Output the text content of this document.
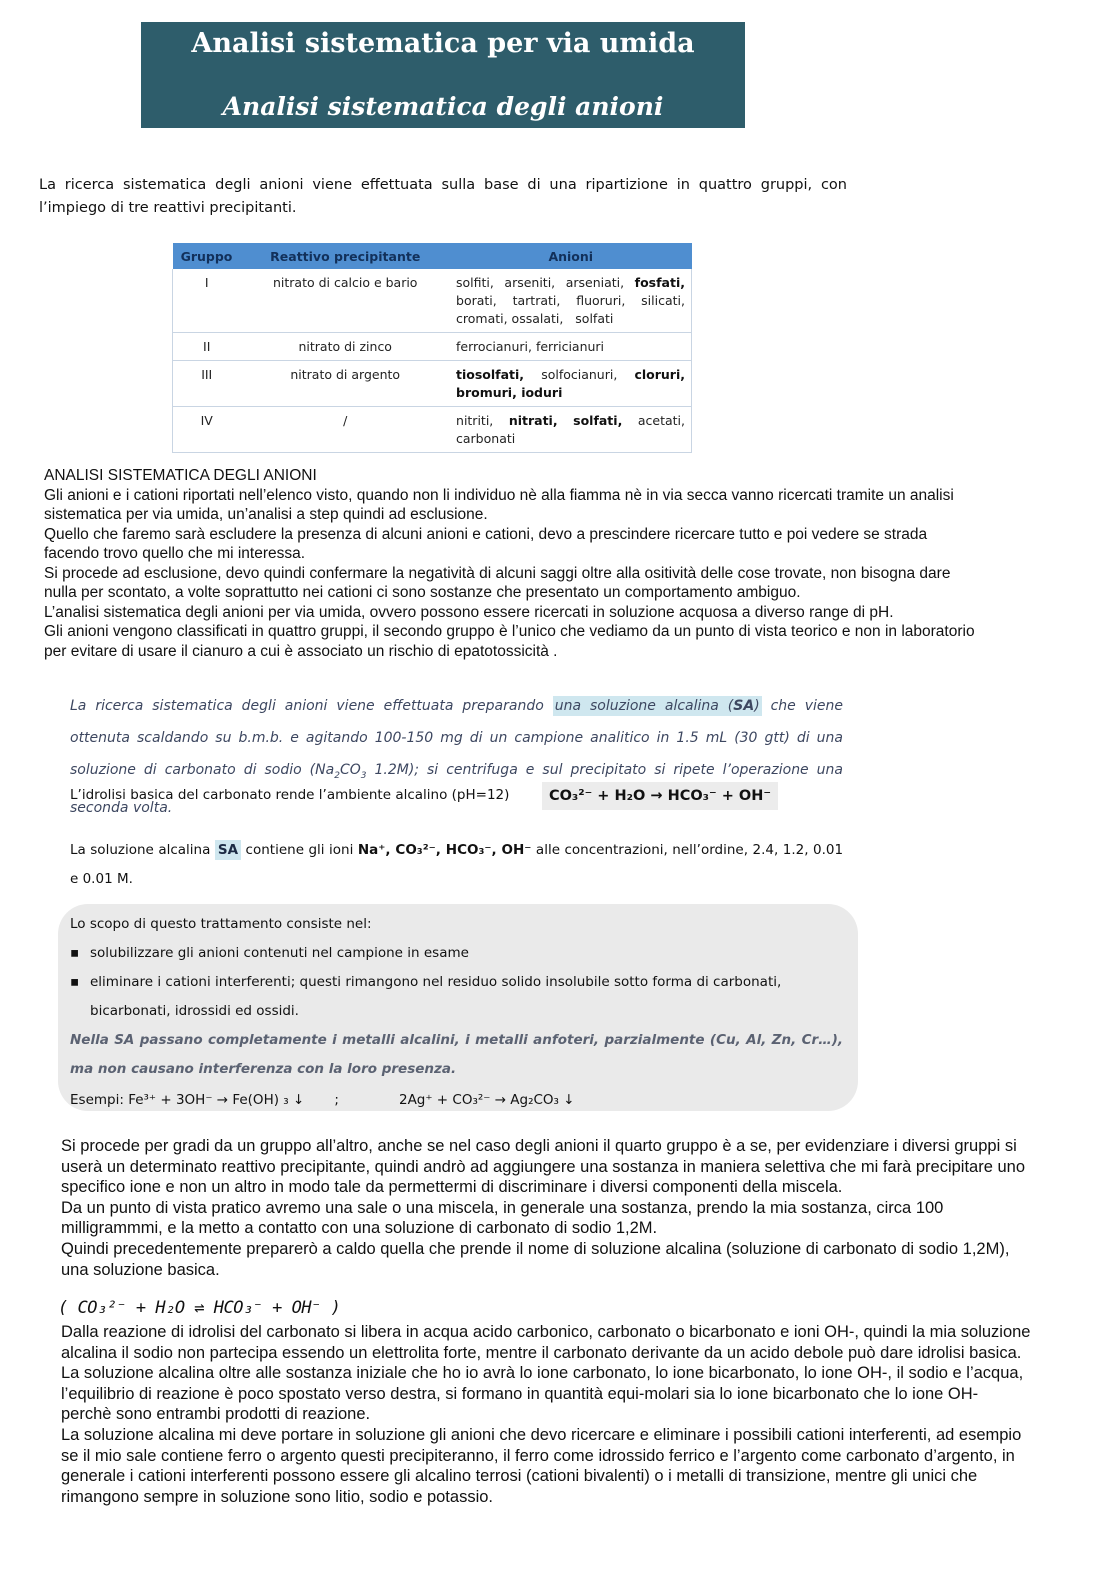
Analisi sistematica per via umida
Analisi sistematica degli anioni

La ricerca sistematica degli anioni viene effettuata sulla base di una ripartizione in quattro gruppi, con l’impiego di tre reattivi precipitanti.

Gruppo	Reattivo precipitante	Anioni
I	nitrato di calcio e bario	solfiti, arseniti, arseniati, fosfati,
borati, tartrati, fluoruri, silicati,
cromati, ossalati, solfati

II	nitrato di zinco	ferrocianuri, ferricianuri

III	nitrato di argento	tiosolfati, solfocianuri, cloruri,
bromuri, ioduri

IV	/	nitriti, nitrati, solfati, acetati,
carbonati

ANALISI SISTEMATICA DEGLI ANIONI

Gli anioni e i cationi riportati nell’elenco visto, quando non li individuo nè alla fiamma nè in via secca vanno ricercati tramite un analisi sistematica per via umida, un’analisi a step quindi ad esclusione.

Quello che faremo sarà escludere la presenza di alcuni anioni e cationi, devo a prescindere ricercare tutto e poi vedere se strada facendo trovo quello che mi interessa.

Si procede ad esclusione, devo quindi confermare la negatività di alcuni saggi oltre alla ositività delle cose trovate, non bisogna dare nulla per scontato, a volte soprattutto nei cationi ci sono sostanze che presentato un comportamento ambiguo.

L’analisi sistematica degli anioni per via umida, ovvero possono essere ricercati in soluzione acquosa a diverso range di pH.

Gli anioni vengono classificati in quattro gruppi, il secondo gruppo è l’unico che vediamo da un punto di vista teorico e non in laboratorio per evitare di usare il cianuro a cui è associato un rischio di epatotossicità .

La ricerca sistematica degli anioni viene effettuata preparando una soluzione alcalina (SA) che viene ottenuta scaldando su b.m.b. e agitando 100-150 mg di un campione analitico in 1.5 mL (30 gtt) di una soluzione di carbonato di sodio ($Na_2CO_3$ 1.2M); si centrifuga e sul precipitato si ripete l’operazione una seconda volta.

L’idrolisi basica del carbonato rende l’ambiente alcalino (pH=12)	CO₃²⁻ + H₂O → HCO₃⁻ + OH⁻

La soluzione alcalina SA contiene gli ioni Na⁺, CO₃²⁻, HCO₃⁻, OH⁻ alle concentrazioni, nell’ordine, 2.4, 1.2, 0.01 e 0.01 M.

Lo scopo di questo trattamento consiste nel:

▪ solubilizzare gli anioni contenuti nel campione in esame
▪ eliminare i cationi interferenti; questi rimangono nel residuo solido insolubile sotto forma di carbonati, bicarbonati, idrossidi ed ossidi.

Nella SA passano completamente i metalli alcalini, i metalli anfoteri, parzialmente (Cu, Al, Zn, Cr…), ma non causano interferenza con la loro presenza.

Esempi: Fe³⁺ + 3OH⁻ → Fe(OH) ₃ ↓ ;	2Ag⁺ + CO₃²⁻ → Ag₂CO₃ ↓

Si procede per gradi da un gruppo all’altro, anche se nel caso degli anioni il quarto gruppo è a se, per evidenziare i diversi gruppi si userà un determinato reattivo precipitante, quindi andrò ad aggiungere una sostanza in maniera selettiva che mi farà precipitare uno specifico ione e non un altro in modo tale da permettermi di discriminare i diversi componenti della miscela.

Da un punto di vista pratico avremo una sale o una miscela, in generale una sostanza, prendo la mia sostanza, circa 100 milligrammmi, e la metto a contatto con una soluzione di carbonato di sodio 1,2M.

Quindi precedentemente preparerò a caldo quella che prende il nome di soluzione alcalina (soluzione di carbonato di sodio 1,2M), una soluzione basica.

( CO₃²⁻ + H₂O ⇌ HCO₃⁻ + OH⁻ )

Dalla reazione di idrolisi del carbonato si libera in acqua acido carbonico, carbonato o bicarbonato e ioni OH-, quindi la mia soluzione alcalina il sodio non partecipa essendo un elettrolita forte, mentre il carbonato derivante da un acido debole può dare idrolisi basica.

La soluzione alcalina oltre alle sostanza iniziale che ho io avrà lo ione carbonato, lo ione bicarbonato, lo ione OH-, il sodio e l’acqua, l’equilibrio di reazione è poco spostato verso destra, si formano in quantità equi-molari sia lo ione bicarbonato che lo ione OH- perchè sono entrambi prodotti di reazione.

La soluzione alcalina mi deve portare in soluzione gli anioni che devo ricercare e eliminare i possibili cationi interferenti, ad esempio se il mio sale contiene ferro o argento questi precipiteranno, il ferro come idrossido ferrico e l’argento come carbonato d’argento, in generale i cationi interferenti possono essere gli alcalino terrosi (cationi bivalenti) o i metalli di transizione, mentre gli unici che rimangono sempre in soluzione sono litio, sodio e potassio.
